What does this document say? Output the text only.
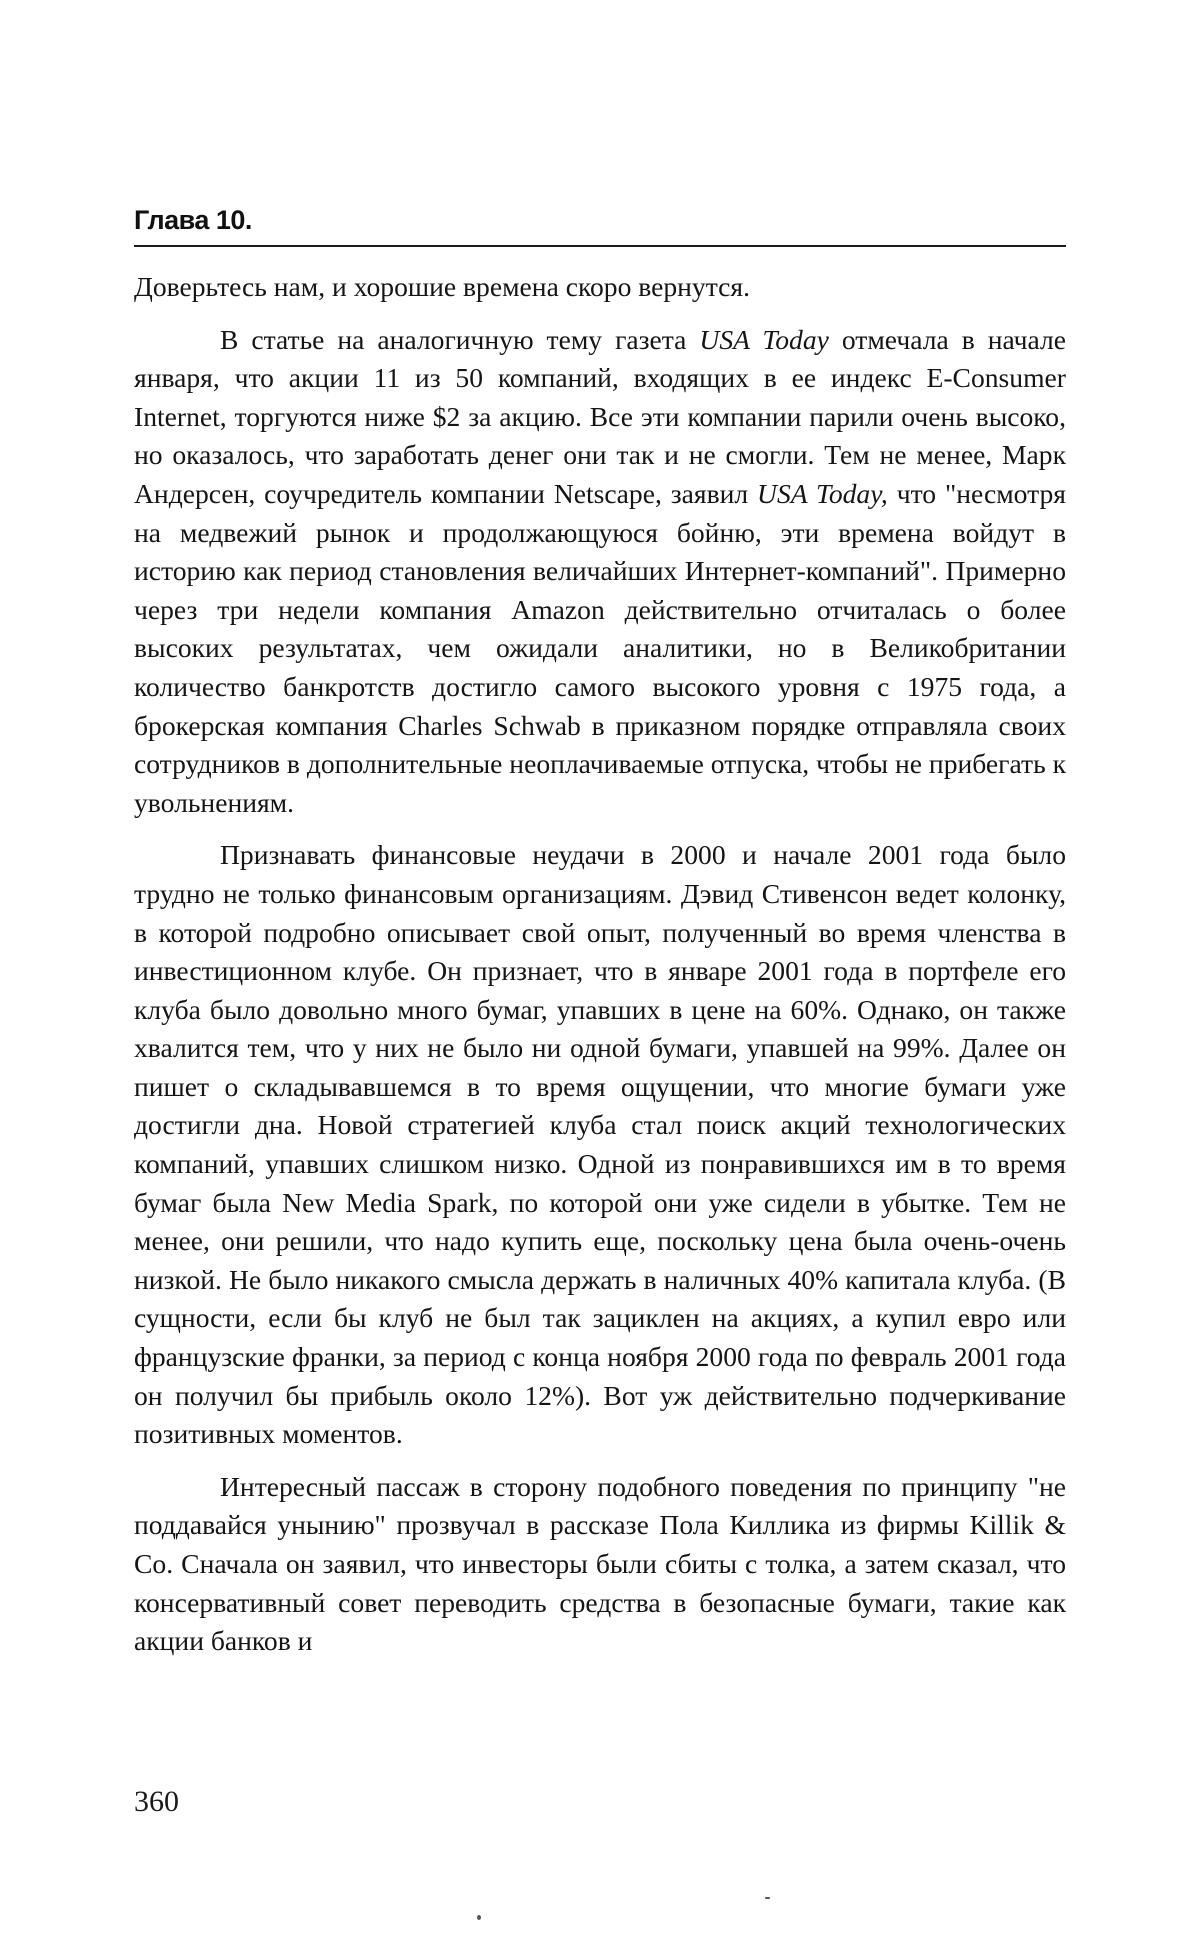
Глава 10.

Доверьтесь нам, и хорошие времена скоро вернутся.

В статье на аналогичную тему газета USA Today отмечала в начале января, что акции 11 из 50 компаний, входящих в ее индекс E-Consumer Internet, торгуются ниже $2 за акцию. Все эти компании парили очень высоко, но оказалось, что заработать денег они так и не смогли. Тем не менее, Марк Андерсен, соучредитель компании Netscape, заявил USA Today, что "несмотря на медвежий рынок и продолжающуюся бойню, эти времена войдут в историю как период становления величайших Интернет-компаний". Примерно через три недели компания Amazon действительно отчиталась о более высоких результатах, чем ожидали аналитики, но в Великобритании количество банкротств достигло самого высокого уровня с 1975 года, а брокерская компания Charles Schwab в приказном порядке отправляла своих сотрудников в дополнительные неоплачиваемые отпуска, чтобы не прибегать к увольнениям.

Признавать финансовые неудачи в 2000 и начале 2001 года было трудно не только финансовым организациям. Дэвид Стивенсон ведет колонку, в которой подробно описывает свой опыт, полученный во время членства в инвестиционном клубе. Он признает, что в январе 2001 года в портфеле его клуба было довольно много бумаг, упавших в цене на 60%. Однако, он также хвалится тем, что у них не было ни одной бумаги, упавшей на 99%. Далее он пишет о складывавшемся в то время ощущении, что многие бумаги уже достигли дна. Новой стратегией клуба стал поиск акций технологических компаний, упавших слишком низко. Одной из понравившихся им в то время бумаг была New Media Spark, по которой они уже сидели в убытке. Тем не менее, они решили, что надо купить еще, поскольку цена была очень-очень низкой. Не было никакого смысла держать в наличных 40% капитала клуба. (В сущности, если бы клуб не был так зациклен на акциях, а купил евро или французские франки, за период с конца ноября 2000 года по февраль 2001 года он получил бы прибыль около 12%). Вот уж действительно подчеркивание позитивных моментов.

Интересный пассаж в сторону подобного поведения по принципу "не поддавайся унынию" прозвучал в рассказе Пола Киллика из фирмы Killik & Co. Сначала он заявил, что инвесторы были сбиты с толка, а затем сказал, что консервативный совет переводить средства в безопасные бумаги, такие как акции банков и

360
